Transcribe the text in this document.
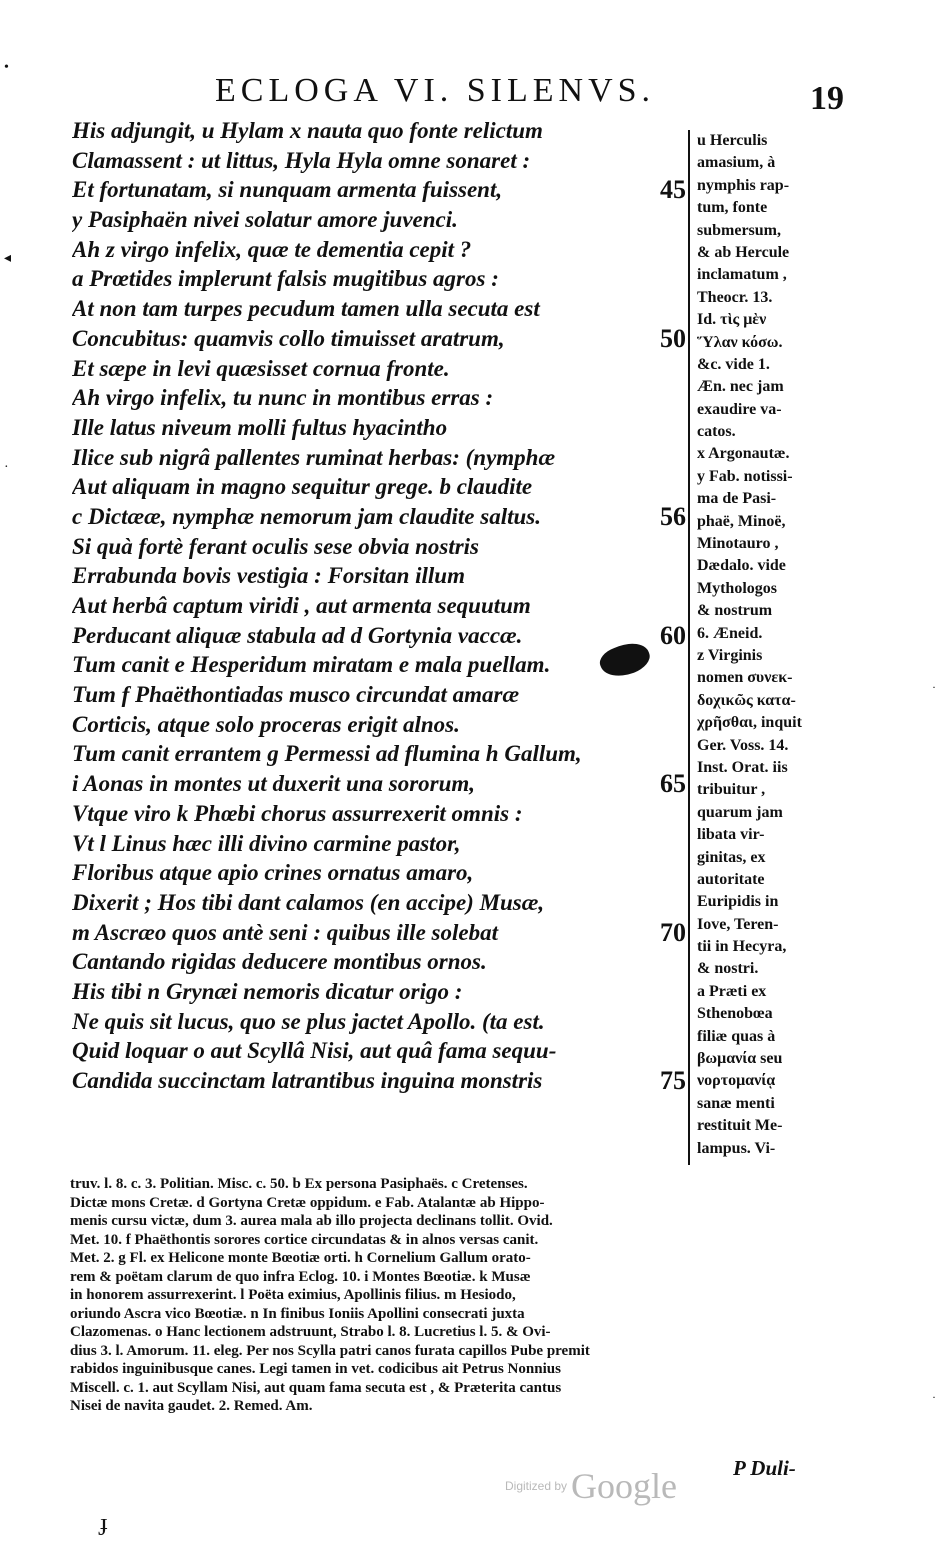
ECLOGA VI. SILENVS.	19
His adjungit, u Hylam x nauta quo fonte relictum
Clamassent : ut littus, Hyla Hyla omne sonaret :
Et fortunatam, si nunquam armenta fuissent,	45
y Pasiphaën nivei solatur amore juvenci.
Ah z virgo infelix, quæ te dementia cepit ?
a Prœtides implerunt falsis mugitibus agros :
At non tam turpes pecudum tamen ulla secuta est
Concubitus: quamvis collo timuisset aratrum,	50
Et sæpe in levi quæsisset cornua fronte.
Ah virgo infelix, tu nunc in montibus erras :
Ille latus niveum molli fultus hyacintho
Ilice sub nigrâ pallentes ruminat herbas: (nymphæ
Aut aliquam in magno sequitur grege. b claudite
c Dictææ, nymphæ nemorum jam claudite saltus.	56
Si quà fortè ferant oculis sese obvia nostris
Errabunda bovis vestigia : Forsitan illum
Aut herbâ captum viridi , aut armenta sequutum
Perducant aliquæ stabula ad d Gortynia vaccæ.	60
Tum canit e Hesperidum miratam e mala puellam.
Tum f Phaëthontiadas musco circundat amaræ
Corticis, atque solo proceras erigit alnos.
Tum canit errantem g Permessi ad flumina h Gallum,
i Aonas in montes ut duxerit una sororum,	65
Vtque viro k Phœbi chorus assurrexerit omnis :
Vt l Linus hæc illi divino carmine pastor,
Floribus atque apio crines ornatus amaro,
Dixerit ; Hos tibi dant calamos (en accipe) Musæ,
m Ascræo quos antè seni : quibus ille solebat	70
Cantando rigidas deducere montibus ornos.
His tibi n Grynæi nemoris dicatur origo :
Ne quis sit lucus, quo se plus jactet Apollo. (ta est.
Quid loquar o aut Scyllâ Nisi, aut quâ fama sequu-
Candida succinctam latrantibus inguina monstris	75
u Herculis
amasium, à
nymphis rap-
tum, fonte
submersum,
& ab Hercule
inclamatum ,
Theocr. 13.
Id. τὶς μὲν
Ὕλαν κόσω.
&c. vide 1.
Æn. nec jam
exaudire va-
catos.
x Argonautæ.
y Fab. notissi-
ma de Pasi-
phaë, Minoë,
Minotauro ,
Dædalo. vide
Mythologos
& nostrum
6. Æneid.
z Virginis
nomen συνεκ-
δοχικῶς κατα-
χρῆσθαι, inquit
Ger. Voss. 14.
Inst. Orat. iis
tribuitur ,
quarum jam
libata vir-
ginitas, ex
autoritate
Euripidis in
Iove, Teren-
tii in Hecyra,
& nostri.
a Præti ex
Sthenobœa
filiæ quas à
βωμανία seu
νορτομανίᾳ
sanæ menti
restituit Me-
lampus. Vi-
truv. l. 8. c. 3. Politian. Misc. c. 50. b Ex persona Pasiphaës. c Cretenses.
Dictæ mons Cretæ. d Gortyna Cretæ oppidum. e Fab. Atalantæ ab Hippo-
menis cursu victæ, dum 3. aurea mala ab illo projecta declinans tollit. Ovid.
Met. 10. f Phaëthontis sorores cortice circundatas & in alnos versas canit.
Met. 2. g Fl. ex Helicone monte Bœotiæ orti. h Cornelium Gallum orato-
rem & poëtam clarum de quo infra Eclog. 10. i Montes Bœotiæ. k Musæ
in honorem assurrexerint. l Poëta eximius, Apollinis filius. m Hesiodo,
oriundo Ascra vico Bœotiæ. n In finibus Ioniis Apollini consecrati juxta
Clazomenas. o Hanc lectionem adstruunt, Strabo l. 8. Lucretius l. 5. & Ovi-
dius 3. l. Amorum. 11. eleg. Per nos Scylla patri canos furata capillos Pube premit
rabidos inguinibusque canes. Legi tamen in vet. codicibus ait Petrus Nonnius
Miscell. c. 1. aut Scyllam Nisi, aut quam fama secuta est , & Præterita cantus
Nisei de navita gaudet. 2. Remed. Am.
P Duli-
Digitized by Google
•
◂
·
ɟ
·
·
